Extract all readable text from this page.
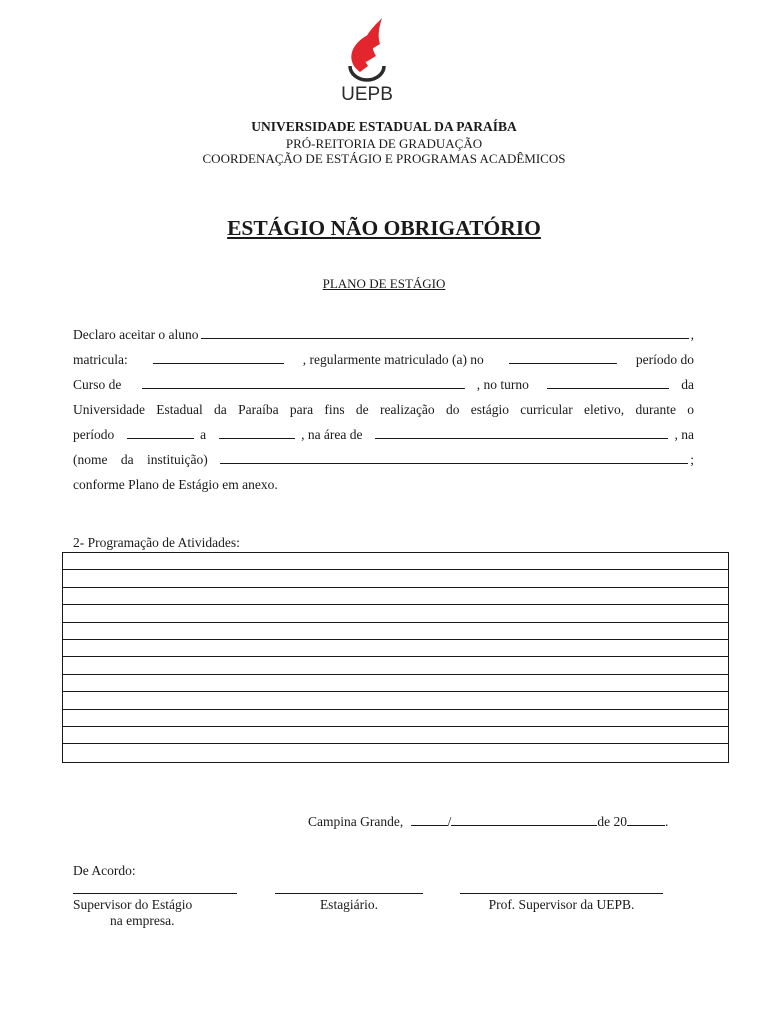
UEPB
UNIVERSIDADE ESTADUAL DA PARAÍBA
PRÓ-REITORIA DE GRADUAÇÃO
COORDENAÇÃO DE ESTÁGIO E PROGRAMAS ACADÊMICOS
ESTÁGIO NÃO OBRIGATÓRIO
PLANO DE ESTÁGIO
Declaro aceitar o aluno	,
matricula:	, regularmente matriculado (a) no	período do
Curso de	, no turno	da
Universidade Estadual da Paraíba para fins de realização do estágio curricular eletivo, durante o
período	a	, na área de	, na
(nome da instituição)	;
conforme Plano de Estágio em anexo.
2- Programação de Atividades:
Campina Grande,	/	de 20	.
De Acordo:
Supervisor do Estágio
na empresa.
Estagiário.	Prof. Supervisor da UEPB.
